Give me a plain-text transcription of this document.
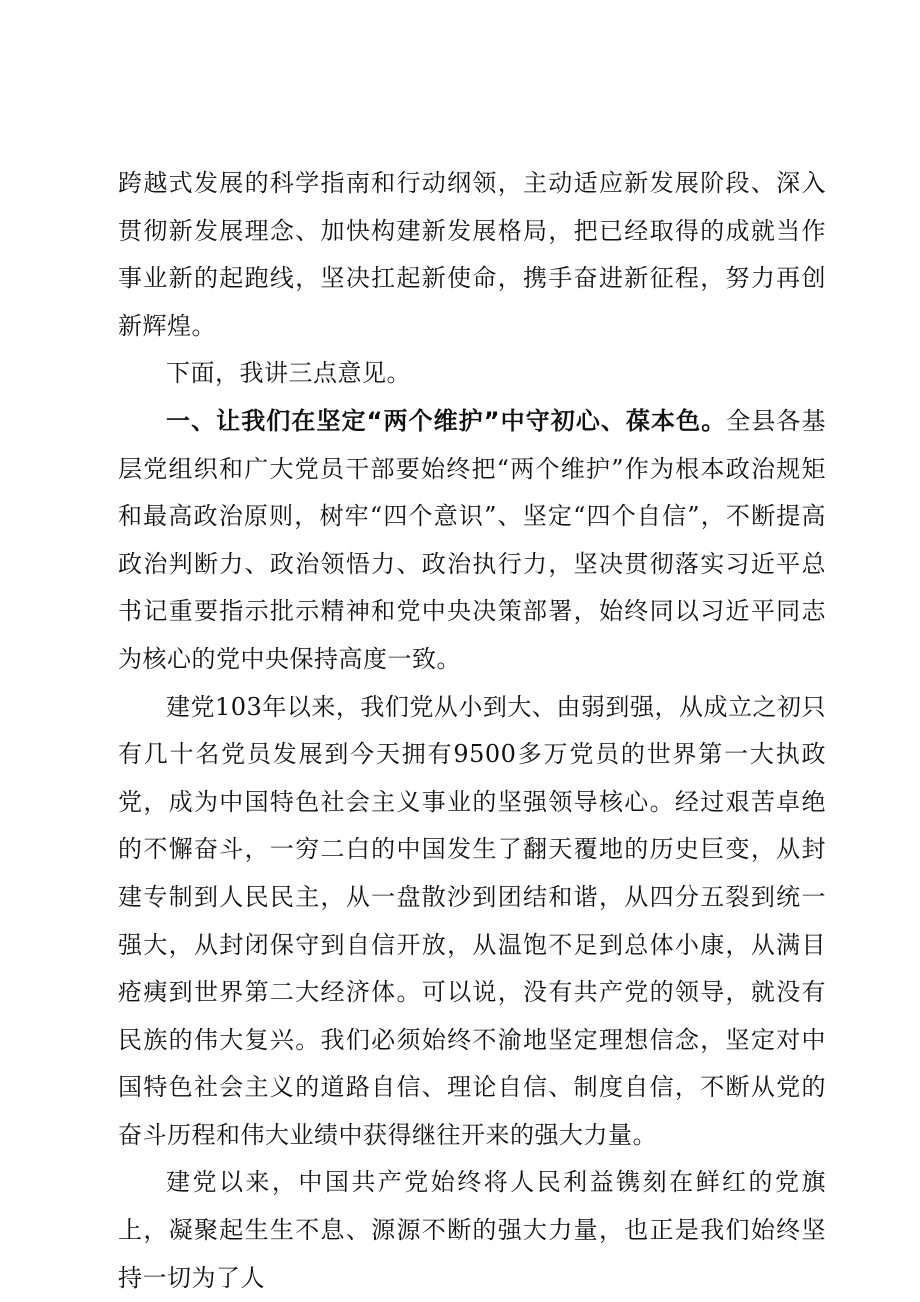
跨越式发展的科学指南和行动纲领，主动适应新发展阶段、深入贯彻新发展理念、加快构建新发展格局，把已经取得的成就当作事业新的起跑线，坚决扛起新使命，携手奋进新征程，努力再创新辉煌。

下面，我讲三点意见。

一、让我们在坚定“两个维护”中守初心、葆本色。全县各基层党组织和广大党员干部要始终把“两个维护”作为根本政治规矩和最高政治原则，树牢“四个意识”、坚定“四个自信”，不断提高政治判断力、政治领悟力、政治执行力，坚决贯彻落实习近平总书记重要指示批示精神和党中央决策部署，始终同以习近平同志为核心的党中央保持高度一致。

建党103年以来，我们党从小到大、由弱到强，从成立之初只有几十名党员发展到今天拥有9500多万党员的世界第一大执政党，成为中国特色社会主义事业的坚强领导核心。经过艰苦卓绝的不懈奋斗，一穷二白的中国发生了翻天覆地的历史巨变，从封建专制到人民民主，从一盘散沙到团结和谐，从四分五裂到统一强大，从封闭保守到自信开放，从温饱不足到总体小康，从满目疮痍到世界第二大经济体。可以说，没有共产党的领导，就没有民族的伟大复兴。我们必须始终不渝地坚定理想信念，坚定对中国特色社会主义的道路自信、理论自信、制度自信，不断从党的奋斗历程和伟大业绩中获得继往开来的强大力量。

建党以来，中国共产党始终将人民利益镌刻在鲜红的党旗上，凝聚起生生不息、源源不断的强大力量，也正是我们始终坚持一切为了人
